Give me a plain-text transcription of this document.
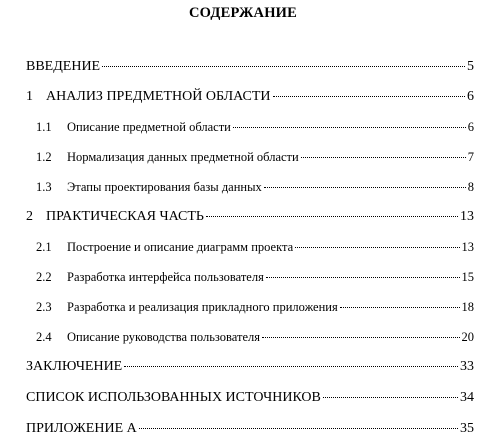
СОДЕРЖАНИЕ
ВВЕДЕНИЕ	5
1 АНАЛИЗ ПРЕДМЕТНОЙ ОБЛАСТИ	6
1.1	Описание предметной области	6
1.2	Нормализация данных предметной области	7
1.3	Этапы проектирования базы данных	8
2 ПРАКТИЧЕСКАЯ ЧАСТЬ	13
2.1	Построение и описание диаграмм проекта	13
2.2	Разработка интерфейса пользователя	15
2.3	Разработка и реализация прикладного приложения	18
2.4	Описание руководства пользователя	20
ЗАКЛЮЧЕНИЕ	33
СПИСОК ИСПОЛЬЗОВАННЫХ ИСТОЧНИКОВ	34
ПРИЛОЖЕНИЕ А	35
